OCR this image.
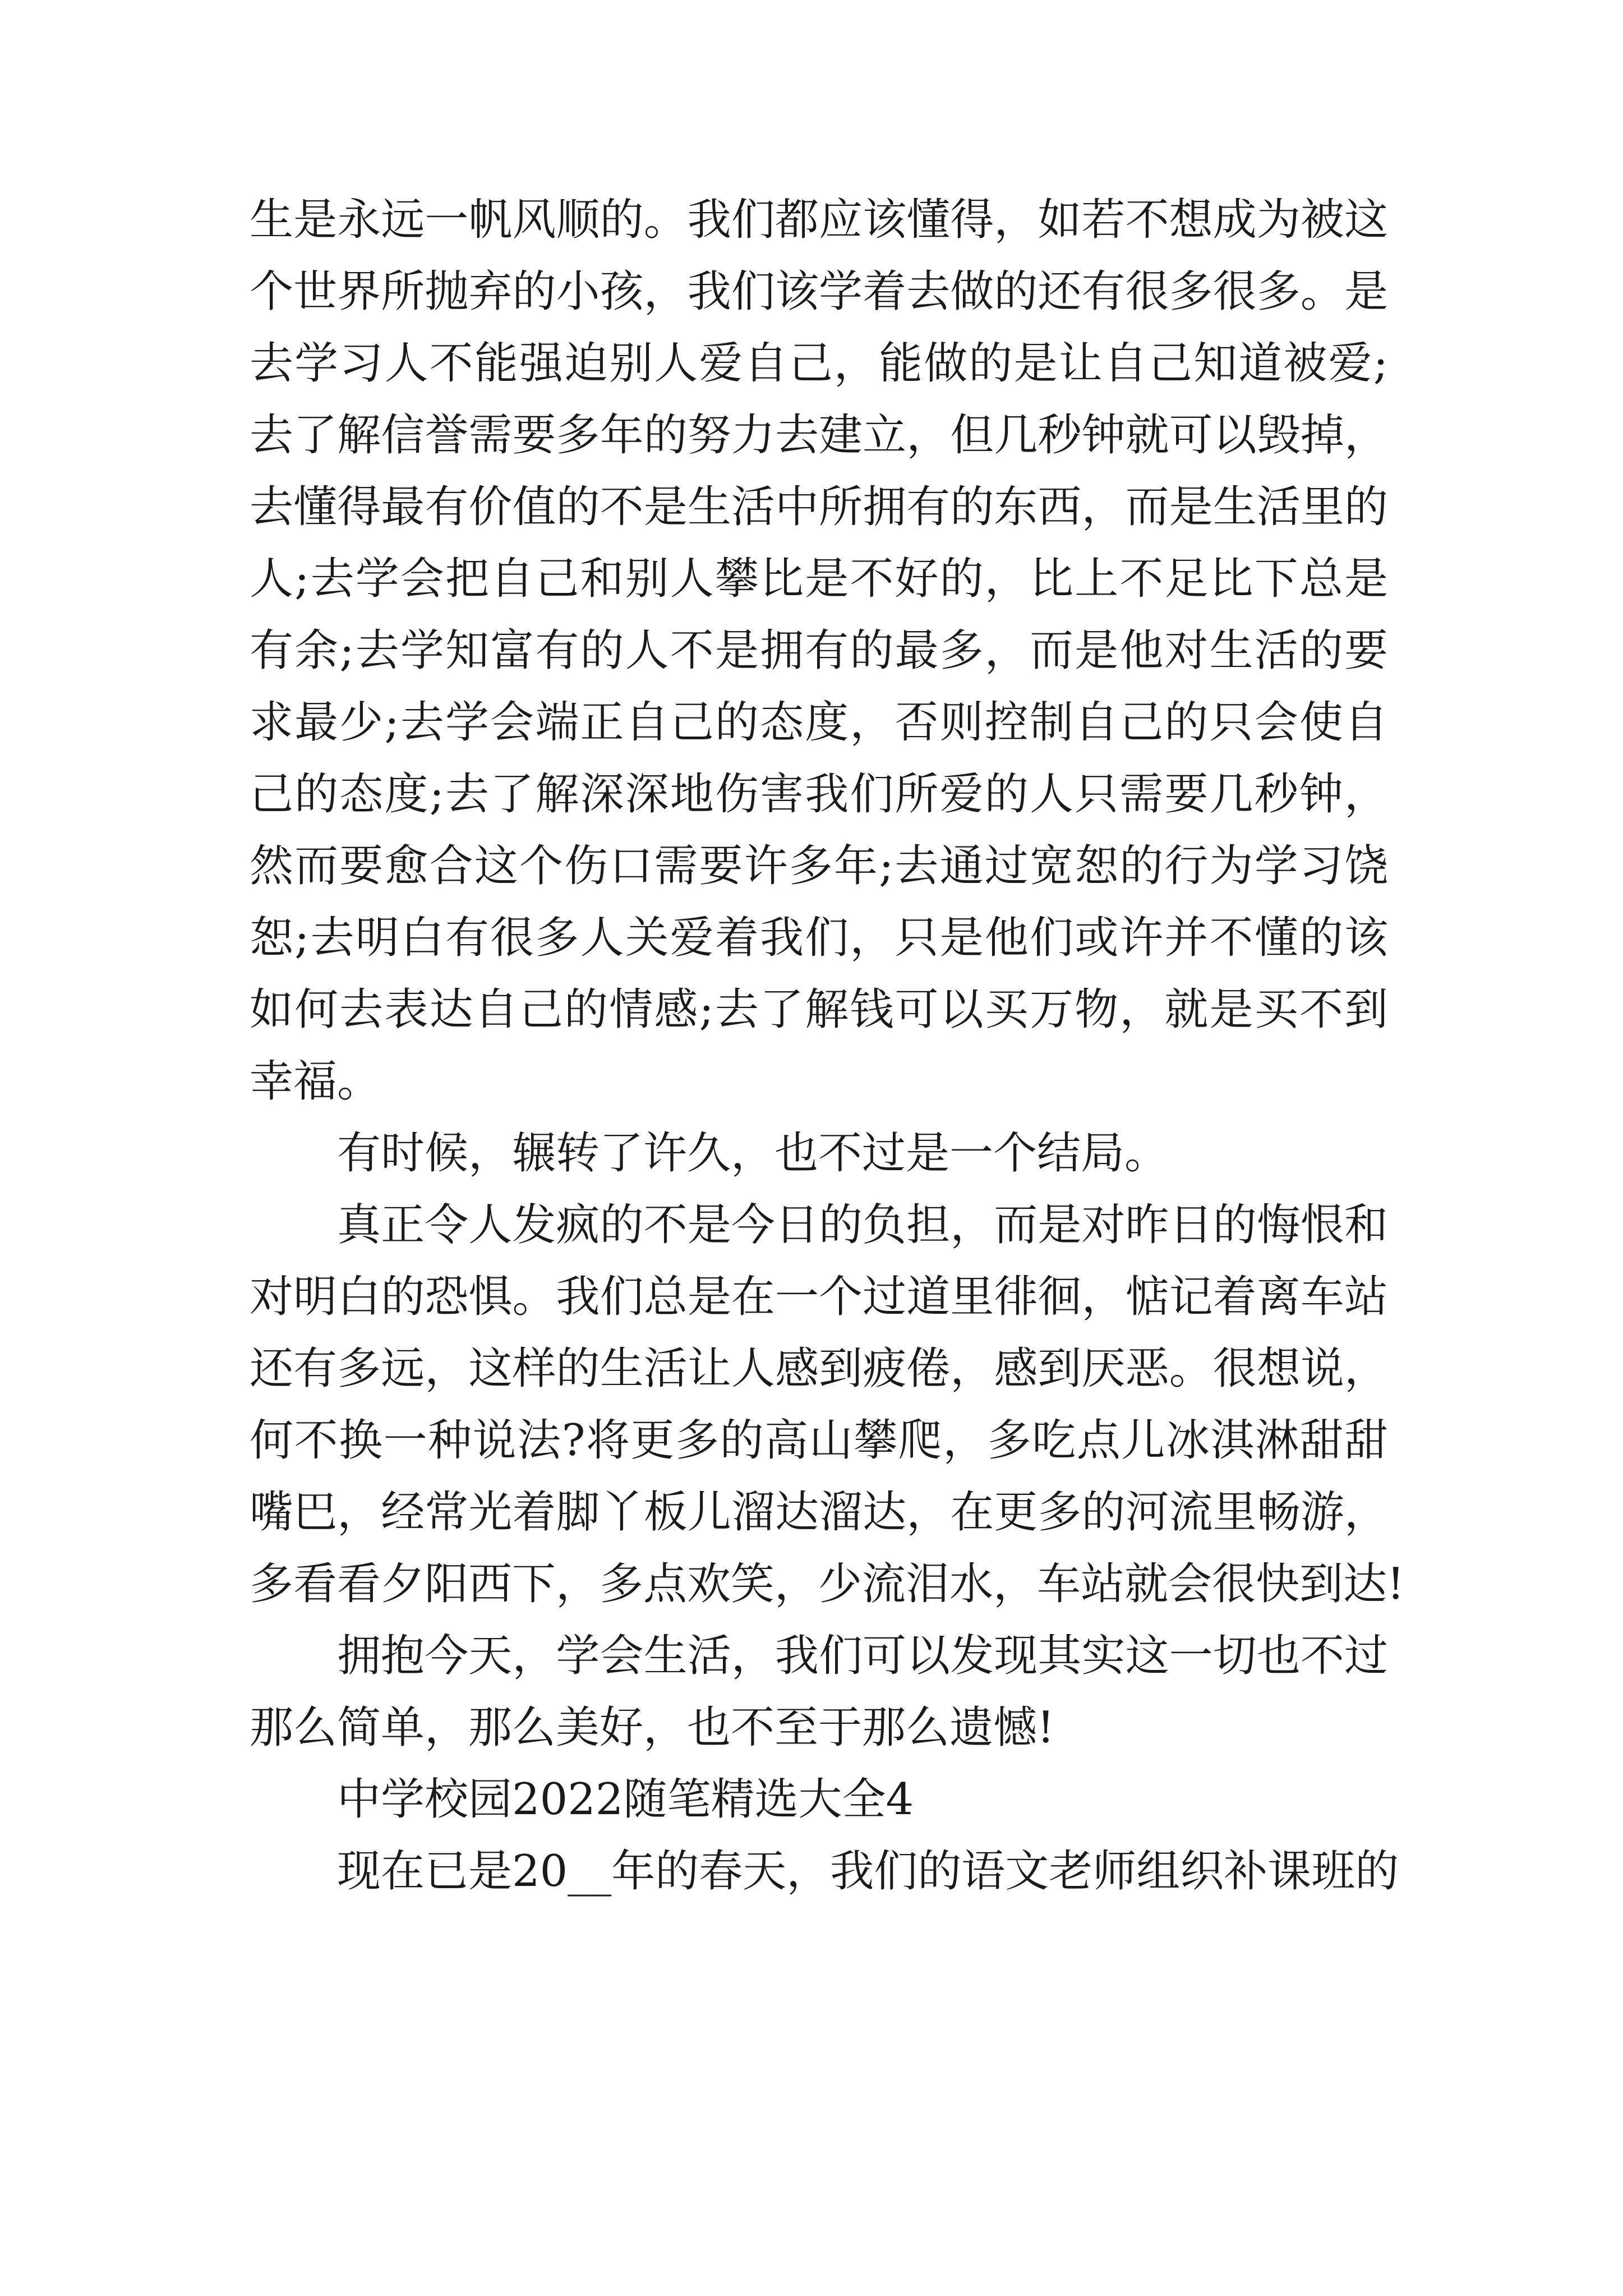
生是永远一帆风顺的。我们都应该懂得，如若不想成为被这
个世界所抛弃的小孩，我们该学着去做的还有很多很多。是
去学习人不能强迫别人爱自己，能做的是让自己知道被爱;
去了解信誉需要多年的努力去建立，但几秒钟就可以毁掉，
去懂得最有价值的不是生活中所拥有的东西，而是生活里的
人;去学会把自己和别人攀比是不好的，比上不足比下总是
有余;去学知富有的人不是拥有的最多，而是他对生活的要
求最少;去学会端正自己的态度，否则控制自己的只会使自
己的态度;去了解深深地伤害我们所爱的人只需要几秒钟，
然而要愈合这个伤口需要许多年;去通过宽恕的行为学习饶
恕;去明白有很多人关爱着我们，只是他们或许并不懂的该
如何去表达自己的情感;去了解钱可以买万物，就是买不到
幸福。
有时候，辗转了许久，也不过是一个结局。
真正令人发疯的不是今日的负担，而是对昨日的悔恨和
对明白的恐惧。我们总是在一个过道里徘徊，惦记着离车站
还有多远，这样的生活让人感到疲倦，感到厌恶。很想说，
何不换一种说法?将更多的高山攀爬，多吃点儿冰淇淋甜甜
嘴巴，经常光着脚丫板儿溜达溜达，在更多的河流里畅游，
多看看夕阳西下，多点欢笑，少流泪水，车站就会很快到达!
拥抱今天，学会生活，我们可以发现其实这一切也不过
那么简单，那么美好，也不至于那么遗憾!
中学校园2022随笔精选大全4
现在已是20__年的春天，我们的语文老师组织补课班的
